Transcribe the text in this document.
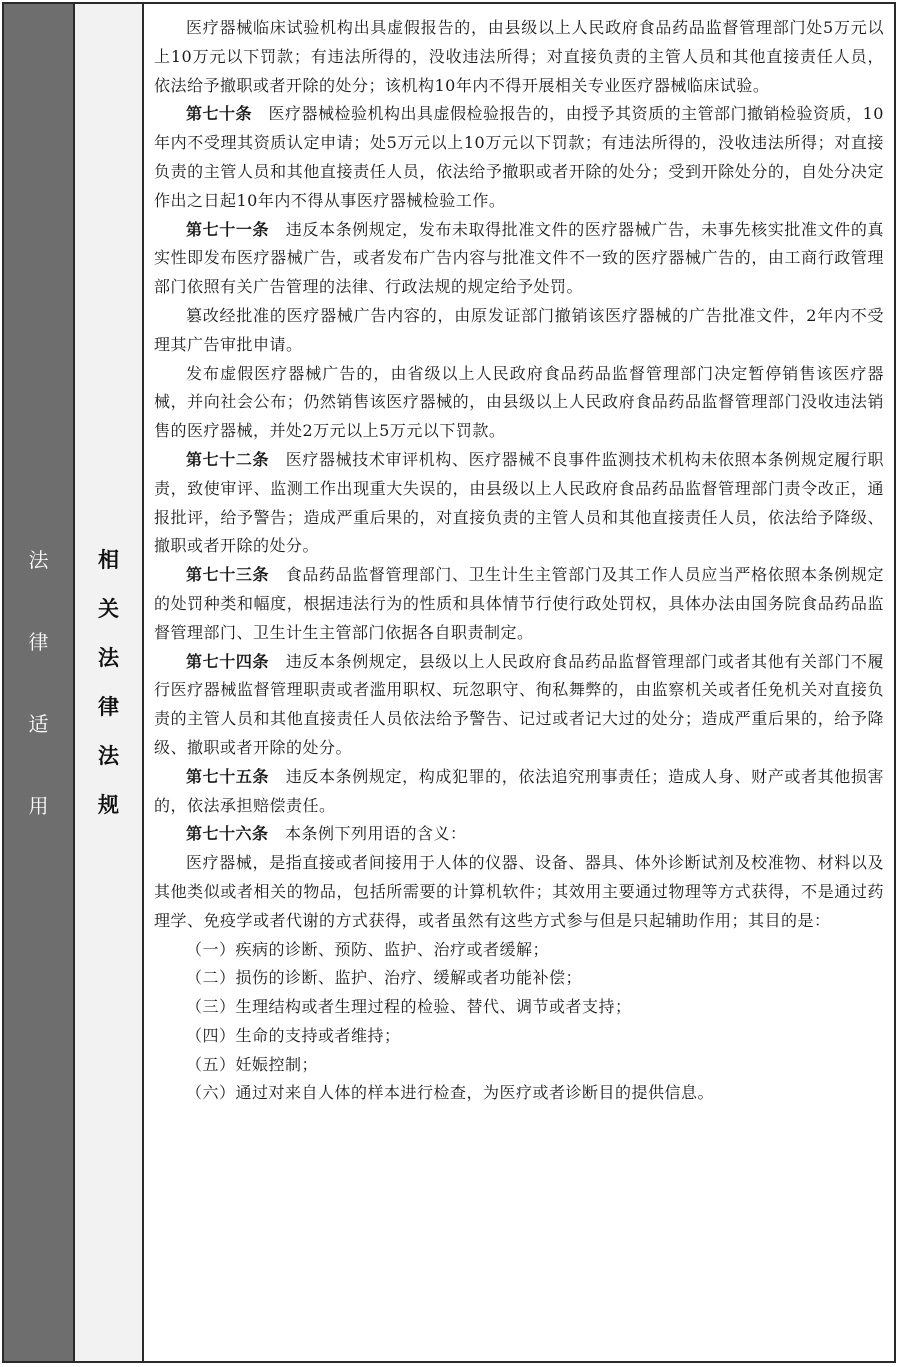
法
律
适
用
相
关
法
律
法
规

医疗器械临床试验机构出具虚假报告的，由县级以上人民政府食品药品监督管理部门处5万元以上10万元以下罚款；有违法所得的，没收违法所得；对直接负责的主管人员和其他直接责任人员，依法给予撤职或者开除的处分；该机构10年内不得开展相关专业医疗器械临床试验。

第七十条  医疗器械检验机构出具虚假检验报告的，由授予其资质的主管部门撤销检验资质，10年内不受理其资质认定申请；处5万元以上10万元以下罚款；有违法所得的，没收违法所得；对直接负责的主管人员和其他直接责任人员，依法给予撤职或者开除的处分；受到开除处分的，自处分决定作出之日起10年内不得从事医疗器械检验工作。

第七十一条  违反本条例规定，发布未取得批准文件的医疗器械广告，未事先核实批准文件的真实性即发布医疗器械广告，或者发布广告内容与批准文件不一致的医疗器械广告的，由工商行政管理部门依照有关广告管理的法律、行政法规的规定给予处罚。

篡改经批准的医疗器械广告内容的，由原发证部门撤销该医疗器械的广告批准文件，2年内不受理其广告审批申请。

发布虚假医疗器械广告的，由省级以上人民政府食品药品监督管理部门决定暂停销售该医疗器械，并向社会公布；仍然销售该医疗器械的，由县级以上人民政府食品药品监督管理部门没收违法销售的医疗器械，并处2万元以上5万元以下罚款。

第七十二条  医疗器械技术审评机构、医疗器械不良事件监测技术机构未依照本条例规定履行职责，致使审评、监测工作出现重大失误的，由县级以上人民政府食品药品监督管理部门责令改正，通报批评，给予警告；造成严重后果的，对直接负责的主管人员和其他直接责任人员，依法给予降级、撤职或者开除的处分。

第七十三条  食品药品监督管理部门、卫生计生主管部门及其工作人员应当严格依照本条例规定的处罚种类和幅度，根据违法行为的性质和具体情节行使行政处罚权，具体办法由国务院食品药品监督管理部门、卫生计生主管部门依据各自职责制定。

第七十四条  违反本条例规定，县级以上人民政府食品药品监督管理部门或者其他有关部门不履行医疗器械监督管理职责或者滥用职权、玩忽职守、徇私舞弊的，由监察机关或者任免机关对直接负责的主管人员和其他直接责任人员依法给予警告、记过或者记大过的处分；造成严重后果的，给予降级、撤职或者开除的处分。

第七十五条  违反本条例规定，构成犯罪的，依法追究刑事责任；造成人身、财产或者其他损害的，依法承担赔偿责任。

第七十六条  本条例下列用语的含义：

医疗器械，是指直接或者间接用于人体的仪器、设备、器具、体外诊断试剂及校准物、材料以及其他类似或者相关的物品，包括所需要的计算机软件；其效用主要通过物理等方式获得，不是通过药理学、免疫学或者代谢的方式获得，或者虽然有这些方式参与但是只起辅助作用；其目的是：

（一）疾病的诊断、预防、监护、治疗或者缓解；

（二）损伤的诊断、监护、治疗、缓解或者功能补偿；

（三）生理结构或者生理过程的检验、替代、调节或者支持；

（四）生命的支持或者维持；

（五）妊娠控制；

（六）通过对来自人体的样本进行检查，为医疗或者诊断目的提供信息。
